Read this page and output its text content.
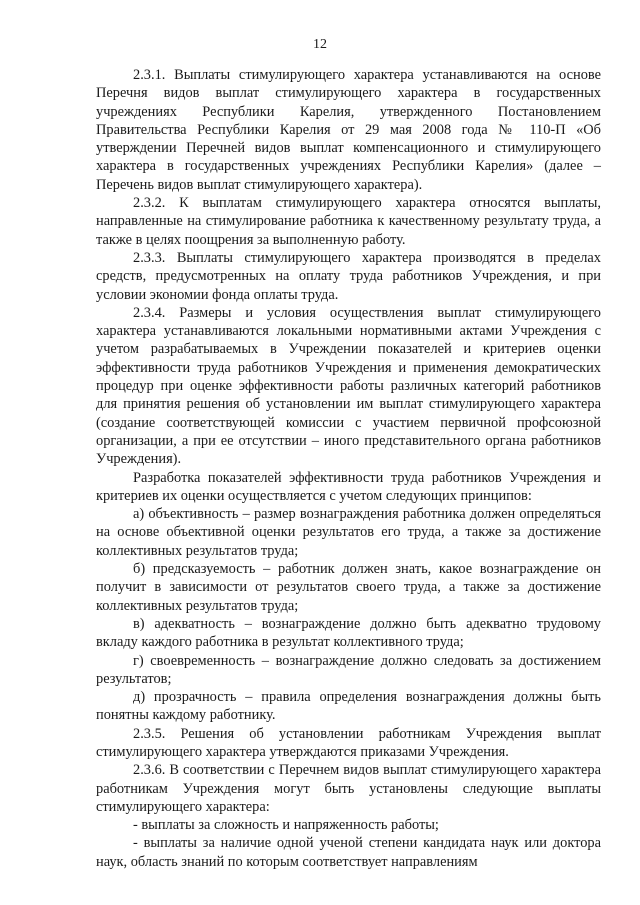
12

2.3.1. Выплаты стимулирующего характера устанавливаются на основе Перечня видов выплат стимулирующего характера в государственных учреждениях Республики Карелия, утвержденного Постановлением Правительства Республики Карелия от 29 мая 2008 года № 110-П «Об утверждении Перечней видов выплат компенсационного и стимулирующего характера в государственных учреждениях Республики Карелия» (далее – Перечень видов выплат стимулирующего характера).

2.3.2. К выплатам стимулирующего характера относятся выплаты, направленные на стимулирование работника к качественному результату труда, а также в целях поощрения за выполненную работу.

2.3.3. Выплаты стимулирующего характера производятся в пределах средств, предусмотренных на оплату труда работников Учреждения, и при условии экономии фонда оплаты труда.

2.3.4. Размеры и условия осуществления выплат стимулирующего характера устанавливаются локальными нормативными актами Учреждения с учетом разрабатываемых в Учреждении показателей и критериев оценки эффективности труда работников Учреждения и применения демократических процедур при оценке эффективности работы различных категорий работников для принятия решения об установлении им выплат стимулирующего характера (создание соответствующей комиссии с участием первичной профсоюзной организации, а при ее отсутствии – иного представительного органа работников Учреждения).

Разработка показателей эффективности труда работников Учреждения и критериев их оценки осуществляется с учетом следующих принципов:

а) объективность – размер вознаграждения работника должен определяться на основе объективной оценки результатов его труда, а также за достижение коллективных результатов труда;

б) предсказуемость – работник должен знать, какое вознаграждение он получит в зависимости от результатов своего труда, а также за достижение коллективных результатов труда;

в) адекватность – вознаграждение должно быть адекватно трудовому вкладу каждого работника в результат коллективного труда;

г) своевременность – вознаграждение должно следовать за достижением результатов;

д) прозрачность – правила определения вознаграждения должны быть понятны каждому работнику.

2.3.5. Решения об установлении работникам Учреждения выплат стимулирующего характера утверждаются приказами Учреждения.

2.3.6. В соответствии с Перечнем видов выплат стимулирующего характера работникам Учреждения могут быть установлены следующие выплаты стимулирующего характера:

- выплаты за сложность и напряженность работы;

- выплаты за наличие одной ученой степени кандидата наук или доктора наук, область знаний по которым соответствует направлениям
